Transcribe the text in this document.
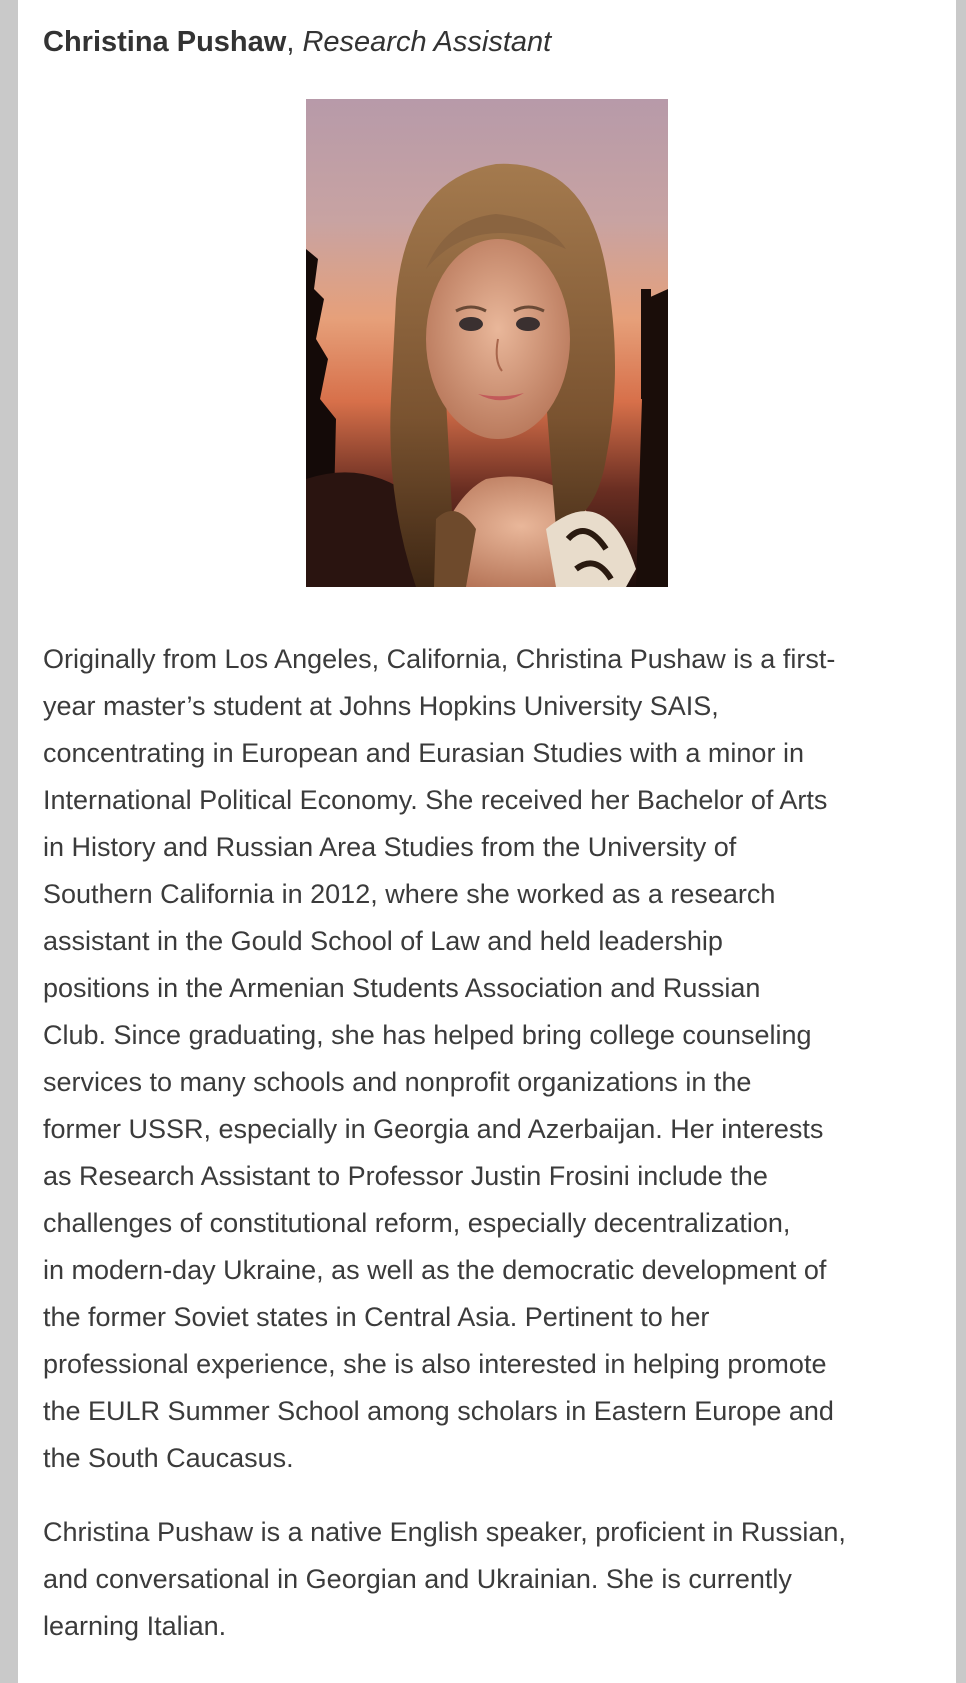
Christina Pushaw, Research Assistant

Originally from Los Angeles, California, Christina Pushaw is a first-
year master’s student at Johns Hopkins University SAIS,
concentrating in European and Eurasian Studies with a minor in
International Political Economy. She received her Bachelor of Arts
in History and Russian Area Studies from the University of
Southern California in 2012, where she worked as a research
assistant in the Gould School of Law and held leadership
positions in the Armenian Students Association and Russian
Club. Since graduating, she has helped bring college counseling
services to many schools and nonprofit organizations in the
former USSR, especially in Georgia and Azerbaijan. Her interests
as Research Assistant to Professor Justin Frosini include the
challenges of constitutional reform, especially decentralization,
in modern-day Ukraine, as well as the democratic development of
the former Soviet states in Central Asia. Pertinent to her
professional experience, she is also interested in helping promote
the EULR Summer School among scholars in Eastern Europe and
the South Caucasus.

Christina Pushaw is a native English speaker, proficient in Russian,
and conversational in Georgian and Ukrainian. She is currently
learning Italian.
